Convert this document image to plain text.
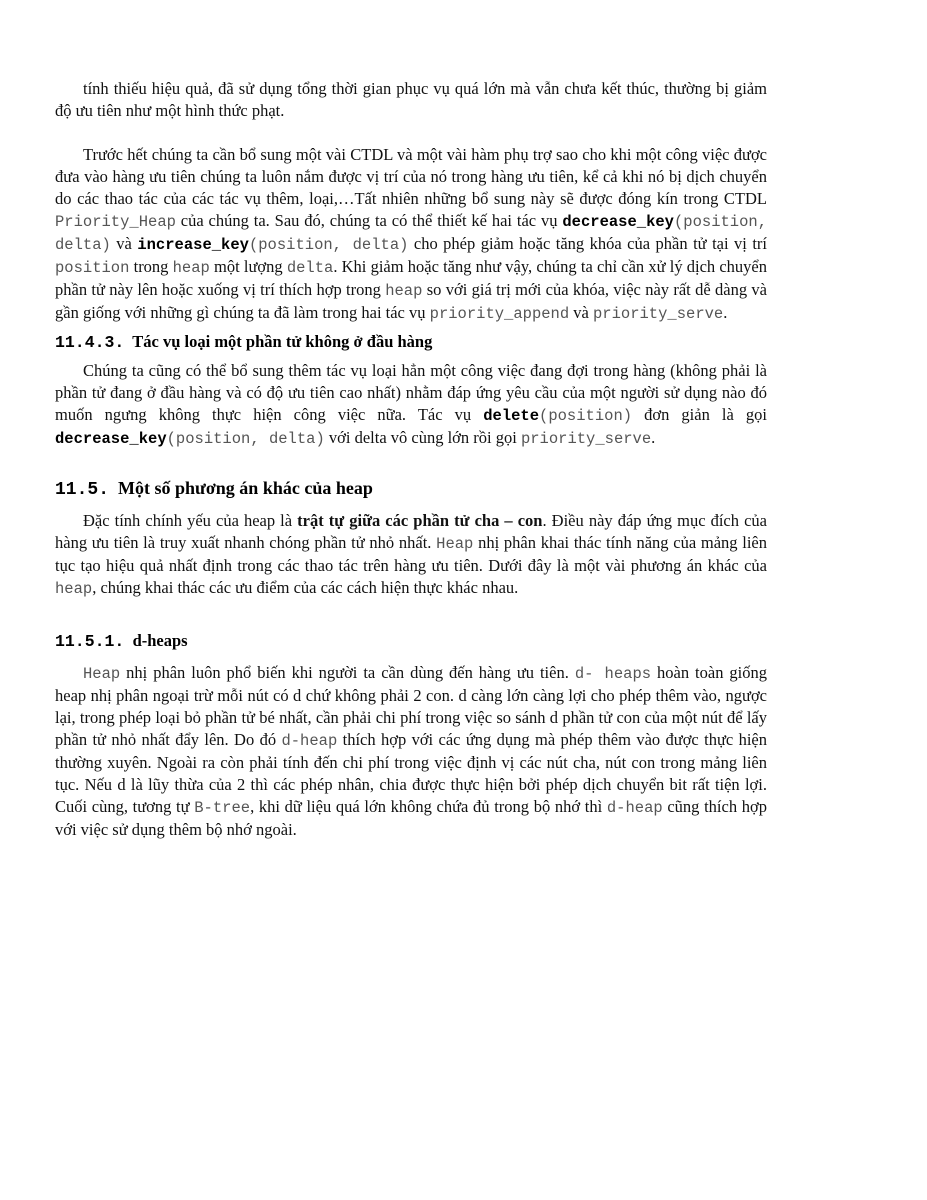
tính thiếu hiệu quả, đã sử dụng tổng thời gian phục vụ quá lớn mà vẫn chưa kết thúc, thường bị giảm độ ưu tiên như một hình thức phạt.

Trước hết chúng ta cần bổ sung một vài CTDL và một vài hàm phụ trợ sao cho khi một công việc được đưa vào hàng ưu tiên chúng ta luôn nắm được vị trí của nó trong hàng ưu tiên, kể cả khi nó bị dịch chuyển do các thao tác của các tác vụ thêm, loại,…Tất nhiên những bổ sung này sẽ được đóng kín trong CTDL Priority_Heap của chúng ta. Sau đó, chúng ta có thể thiết kế hai tác vụ decrease_key(position, delta) và increase_key(position, delta) cho phép giảm hoặc tăng khóa của phần tử tại vị trí position trong heap một lượng delta. Khi giảm hoặc tăng như vậy, chúng ta chỉ cần xử lý dịch chuyển phần tử này lên hoặc xuống vị trí thích hợp trong heap so với giá trị mới của khóa, việc này rất dễ dàng và gần giống với những gì chúng ta đã làm trong hai tác vụ priority_append và priority_serve.

11.4.3. Tác vụ loại một phần tử không ở đầu hàng

Chúng ta cũng có thể bổ sung thêm tác vụ loại hẳn một công việc đang đợi trong hàng (không phải là phần tử đang ở đầu hàng và có độ ưu tiên cao nhất) nhằm đáp ứng yêu cầu của một người sử dụng nào đó muốn ngưng không thực hiện công việc nữa. Tác vụ delete(position) đơn giản là gọi decrease_key(position, delta) với delta vô cùng lớn rồi gọi priority_serve.

11.5. Một số phương án khác của heap

Đặc tính chính yếu của heap là trật tự giữa các phần tử cha – con. Điều này đáp ứng mục đích của hàng ưu tiên là truy xuất nhanh chóng phần tử nhỏ nhất. Heap nhị phân khai thác tính năng của mảng liên tục tạo hiệu quả nhất định trong các thao tác trên hàng ưu tiên. Dưới đây là một vài phương án khác của heap, chúng khai thác các ưu điểm của các cách hiện thực khác nhau.

11.5.1. d-heaps

Heap nhị phân luôn phổ biến khi người ta cần dùng đến hàng ưu tiên. d- heaps hoàn toàn giống heap nhị phân ngoại trừ mỗi nút có d chứ không phải 2 con. d càng lớn càng lợi cho phép thêm vào, ngược lại, trong phép loại bỏ phần tử bé nhất, cần phải chi phí trong việc so sánh d phần tử con của một nút để lấy phần tử nhỏ nhất đẩy lên. Do đó d-heap thích hợp với các ứng dụng mà phép thêm vào được thực hiện thường xuyên. Ngoài ra còn phải tính đến chi phí trong việc định vị các nút cha, nút con trong mảng liên tục. Nếu d là lũy thừa của 2 thì các phép nhân, chia được thực hiện bởi phép dịch chuyển bit rất tiện lợi. Cuối cùng, tương tự B-tree, khi dữ liệu quá lớn không chứa đủ trong bộ nhớ thì d-heap cũng thích hợp với việc sử dụng thêm bộ nhớ ngoài.
